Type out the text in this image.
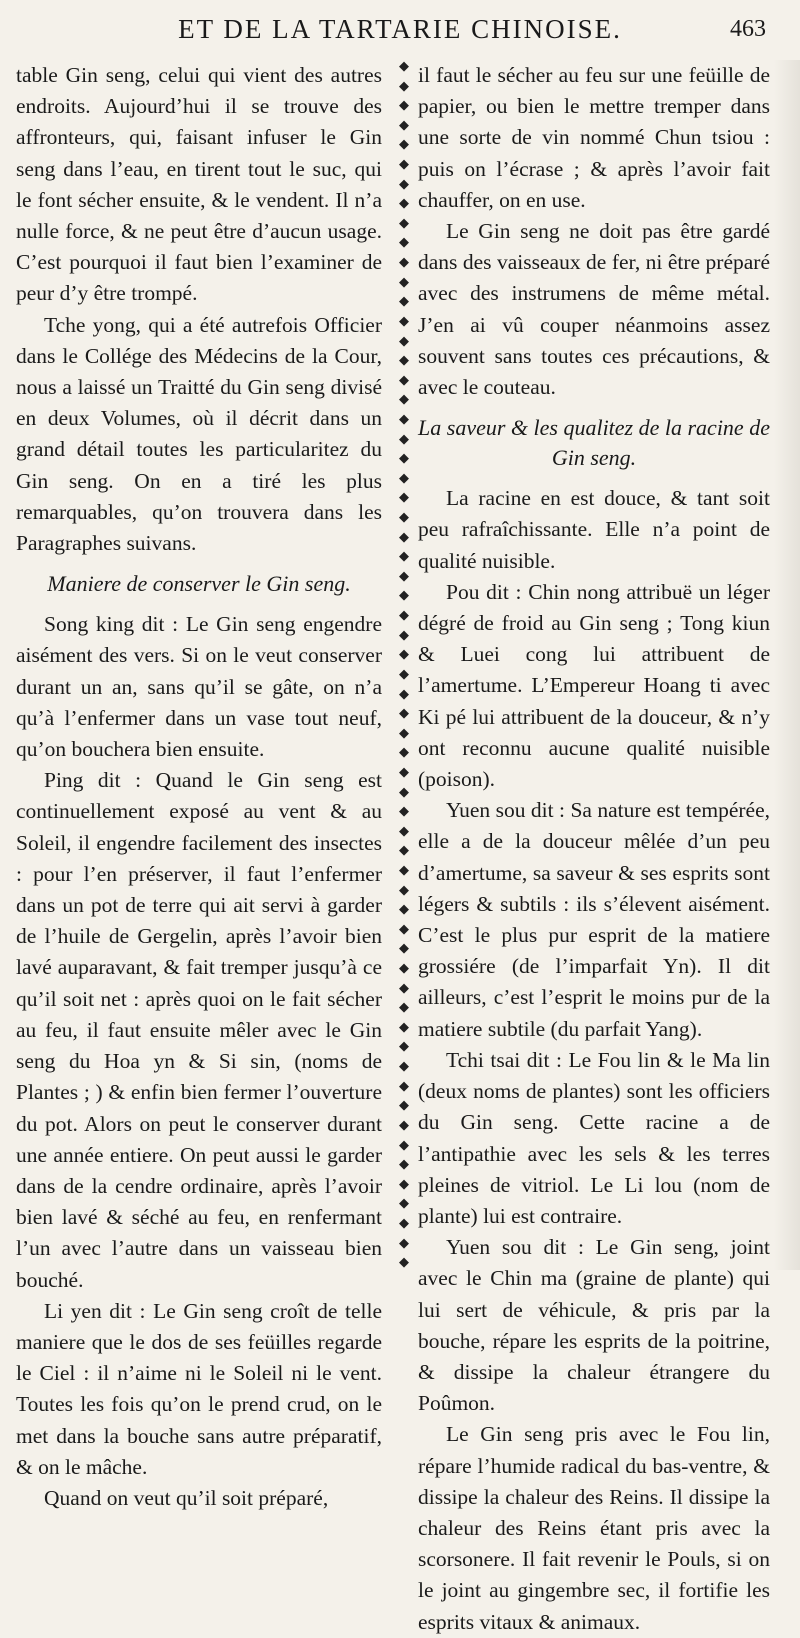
ET DE LA TARTARIE CHINOISE.	463

table Gin seng, celui qui vient des autres endroits. Aujourd’hui il se trouve des affronteurs, qui, faisant infuser le Gin seng dans l’eau, en tirent tout le suc, qui le font sécher ensuite, & le vendent. Il n’a nulle force, & ne peut être d’aucun usage. C’est pourquoi il faut bien l’examiner de peur d’y être trompé.

Tche yong, qui a été autrefois Officier dans le Collége des Médecins de la Cour, nous a laissé un Traitté du Gin seng divisé en deux Volumes, où il décrit dans un grand détail toutes les particularitez du Gin seng. On en a tiré les plus remarquables, qu’on trouvera dans les Paragraphes suivans.

Maniere de conserver le Gin seng.

Song king dit : Le Gin seng engendre aisément des vers. Si on le veut conserver durant un an, sans qu’il se gâte, on n’a qu’à l’enfermer dans un vase tout neuf, qu’on bouchera bien ensuite.

Ping dit : Quand le Gin seng est continuellement exposé au vent & au Soleil, il engendre facilement des insectes : pour l’en préserver, il faut l’enfermer dans un pot de terre qui ait servi à garder de l’huile de Gergelin, après l’avoir bien lavé auparavant, & fait tremper jusqu’à ce qu’il soit net : après quoi on le fait sécher au feu, il faut ensuite mêler avec le Gin seng du Hoa yn & Si sin, (noms de Plantes ; ) & enfin bien fermer l’ouverture du pot. Alors on peut le conserver durant une année entiere. On peut aussi le garder dans de la cendre ordinaire, après l’avoir bien lavé & séché au feu, en renfermant l’un avec l’autre dans un vaisseau bien bouché.

Li yen dit : Le Gin seng croît de telle maniere que le dos de ses feüilles regarde le Ciel : il n’aime ni le Soleil ni le vent. Toutes les fois qu’on le prend crud, on le met dans la bouche sans autre préparatif, & on le mâche.

Quand on veut qu’il soit préparé,

◆
◆
◆
◆
◆
◆
◆
◆
◆
◆
◆
◆
◆
◆
◆
◆
◆
◆
◆
◆
◆
◆
◆
◆
◆
◆
◆
◆
◆
◆
◆
◆
◆
◆
◆
◆
◆
◆
◆
◆
◆
◆
◆
◆
◆
◆
◆
◆
◆
◆
◆
◆
◆
◆
◆
◆
◆
◆
◆
◆
◆
◆

il faut le sécher au feu sur une feüille de papier, ou bien le mettre tremper dans une sorte de vin nommé Chun tsiou : puis on l’écrase ; & après l’avoir fait chauffer, on en use.

Le Gin seng ne doit pas être gardé dans des vaisseaux de fer, ni être préparé avec des instrumens de même métal. J’en ai vû couper néanmoins assez souvent sans toutes ces précautions, & avec le couteau.

La saveur & les qualitez de la racine de Gin seng.

La racine en est douce, & tant soit peu rafraîchissante. Elle n’a point de qualité nuisible.

Pou dit : Chin nong attribuë un léger dégré de froid au Gin seng ; Tong kiun & Luei cong lui attribuent de l’amertume. L’Empereur Hoang ti avec Ki pé lui attribuent de la douceur, & n’y ont reconnu aucune qualité nuisible (poison).

Yuen sou dit : Sa nature est tempérée, elle a de la douceur mêlée d’un peu d’amertume, sa saveur & ses esprits sont légers & subtils : ils s’élevent aisément. C’est le plus pur esprit de la matiere grossiére (de l’imparfait Yn). Il dit ailleurs, c’est l’esprit le moins pur de la matiere subtile (du parfait Yang).

Tchi tsai dit : Le Fou lin & le Ma lin (deux noms de plantes) sont les officiers du Gin seng. Cette racine a de l’antipathie avec les sels & les terres pleines de vitriol. Le Li lou (nom de plante) lui est contraire.

Yuen sou dit : Le Gin seng, joint avec le Chin ma (graine de plante) qui lui sert de véhicule, & pris par la bouche, répare les esprits de la poitrine, & dissipe la chaleur étrangere du Poûmon.

Le Gin seng pris avec le Fou lin, répare l’humide radical du bas-ventre, & dissipe la chaleur des Reins. Il dissipe la chaleur des Reins étant pris avec la scorsonere. Il fait revenir le Pouls, si on le joint au gingembre sec, il fortifie les esprits vitaux & animaux.
